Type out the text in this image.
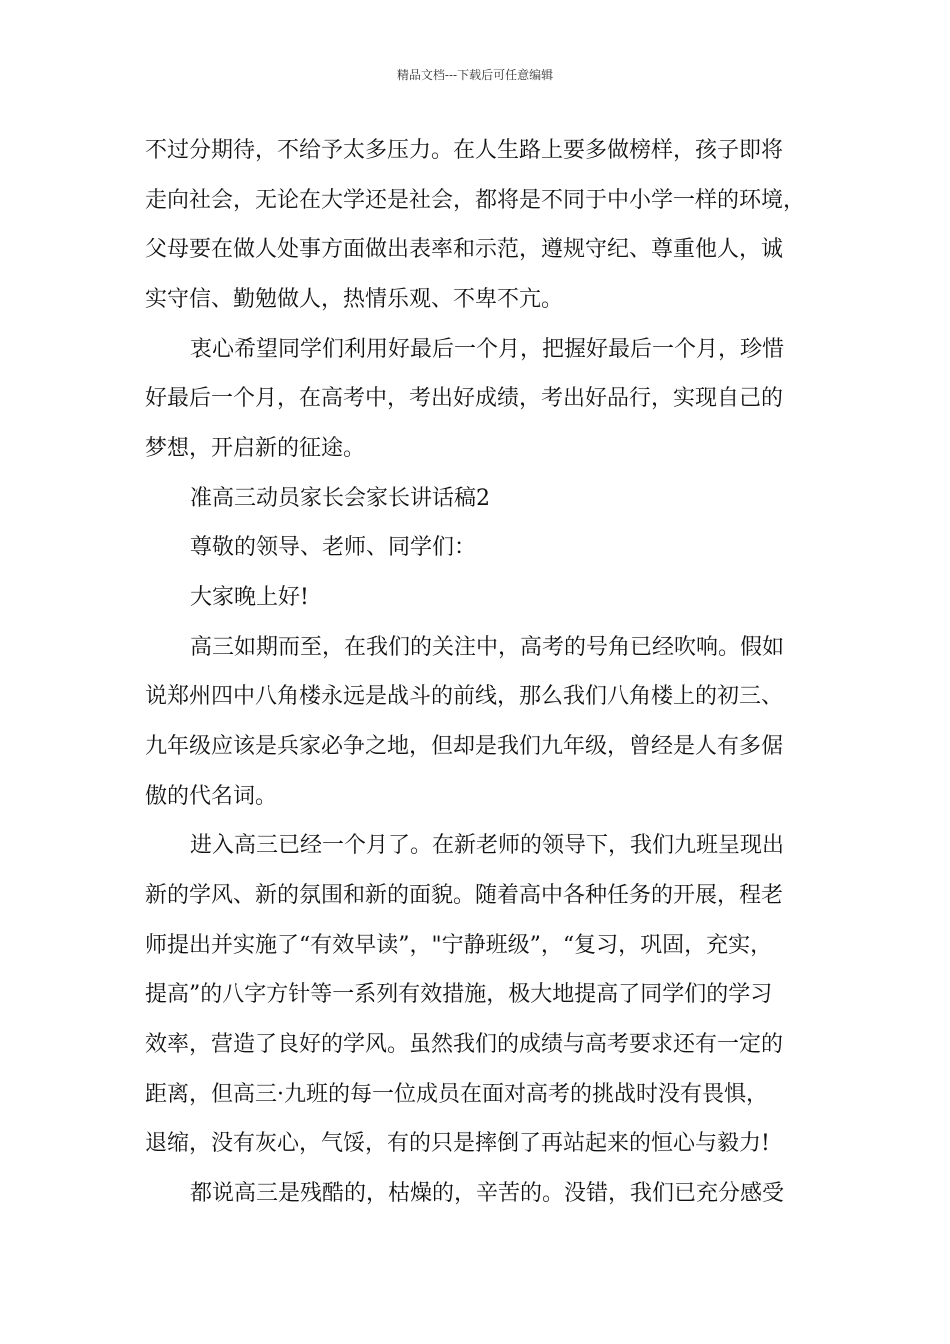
精品文档---下载后可任意编辑
不过分期待，不给予太多压力。在人生路上要多做榜样，孩子即将
走向社会，无论在大学还是社会，都将是不同于中小学一样的环境，
父母要在做人处事方面做出表率和示范，遵规守纪、尊重他人，诚
实守信、勤勉做人，热情乐观、不卑不亢。
衷心希望同学们利用好最后一个月，把握好最后一个月，珍惜
好最后一个月，在高考中，考出好成绩，考出好品行，实现自己的
梦想，开启新的征途。
准高三动员家长会家长讲话稿2
尊敬的领导、老师、同学们：
大家晚上好!
高三如期而至，在我们的关注中，高考的号角已经吹响。假如
说郑州四中八角楼永远是战斗的前线，那么我们八角楼上的初三、
九年级应该是兵家必争之地，但却是我们九年级，曾经是人有多倨
傲的代名词。
进入高三已经一个月了。在新老师的领导下，我们九班呈现出
新的学风、新的氛围和新的面貌。随着高中各种任务的开展，程老
师提出并实施了“有效早读”，"宁静班级”，“复习，巩固，充实，
提高”的八字方针等一系列有效措施，极大地提高了同学们的学习
效率，营造了良好的学风。虽然我们的成绩与高考要求还有一定的
距离，但高三·九班的每一位成员在面对高考的挑战时没有畏惧，
退缩，没有灰心，气馁，有的只是摔倒了再站起来的恒心与毅力!
都说高三是残酷的，枯燥的，辛苦的。没错，我们已充分感受
